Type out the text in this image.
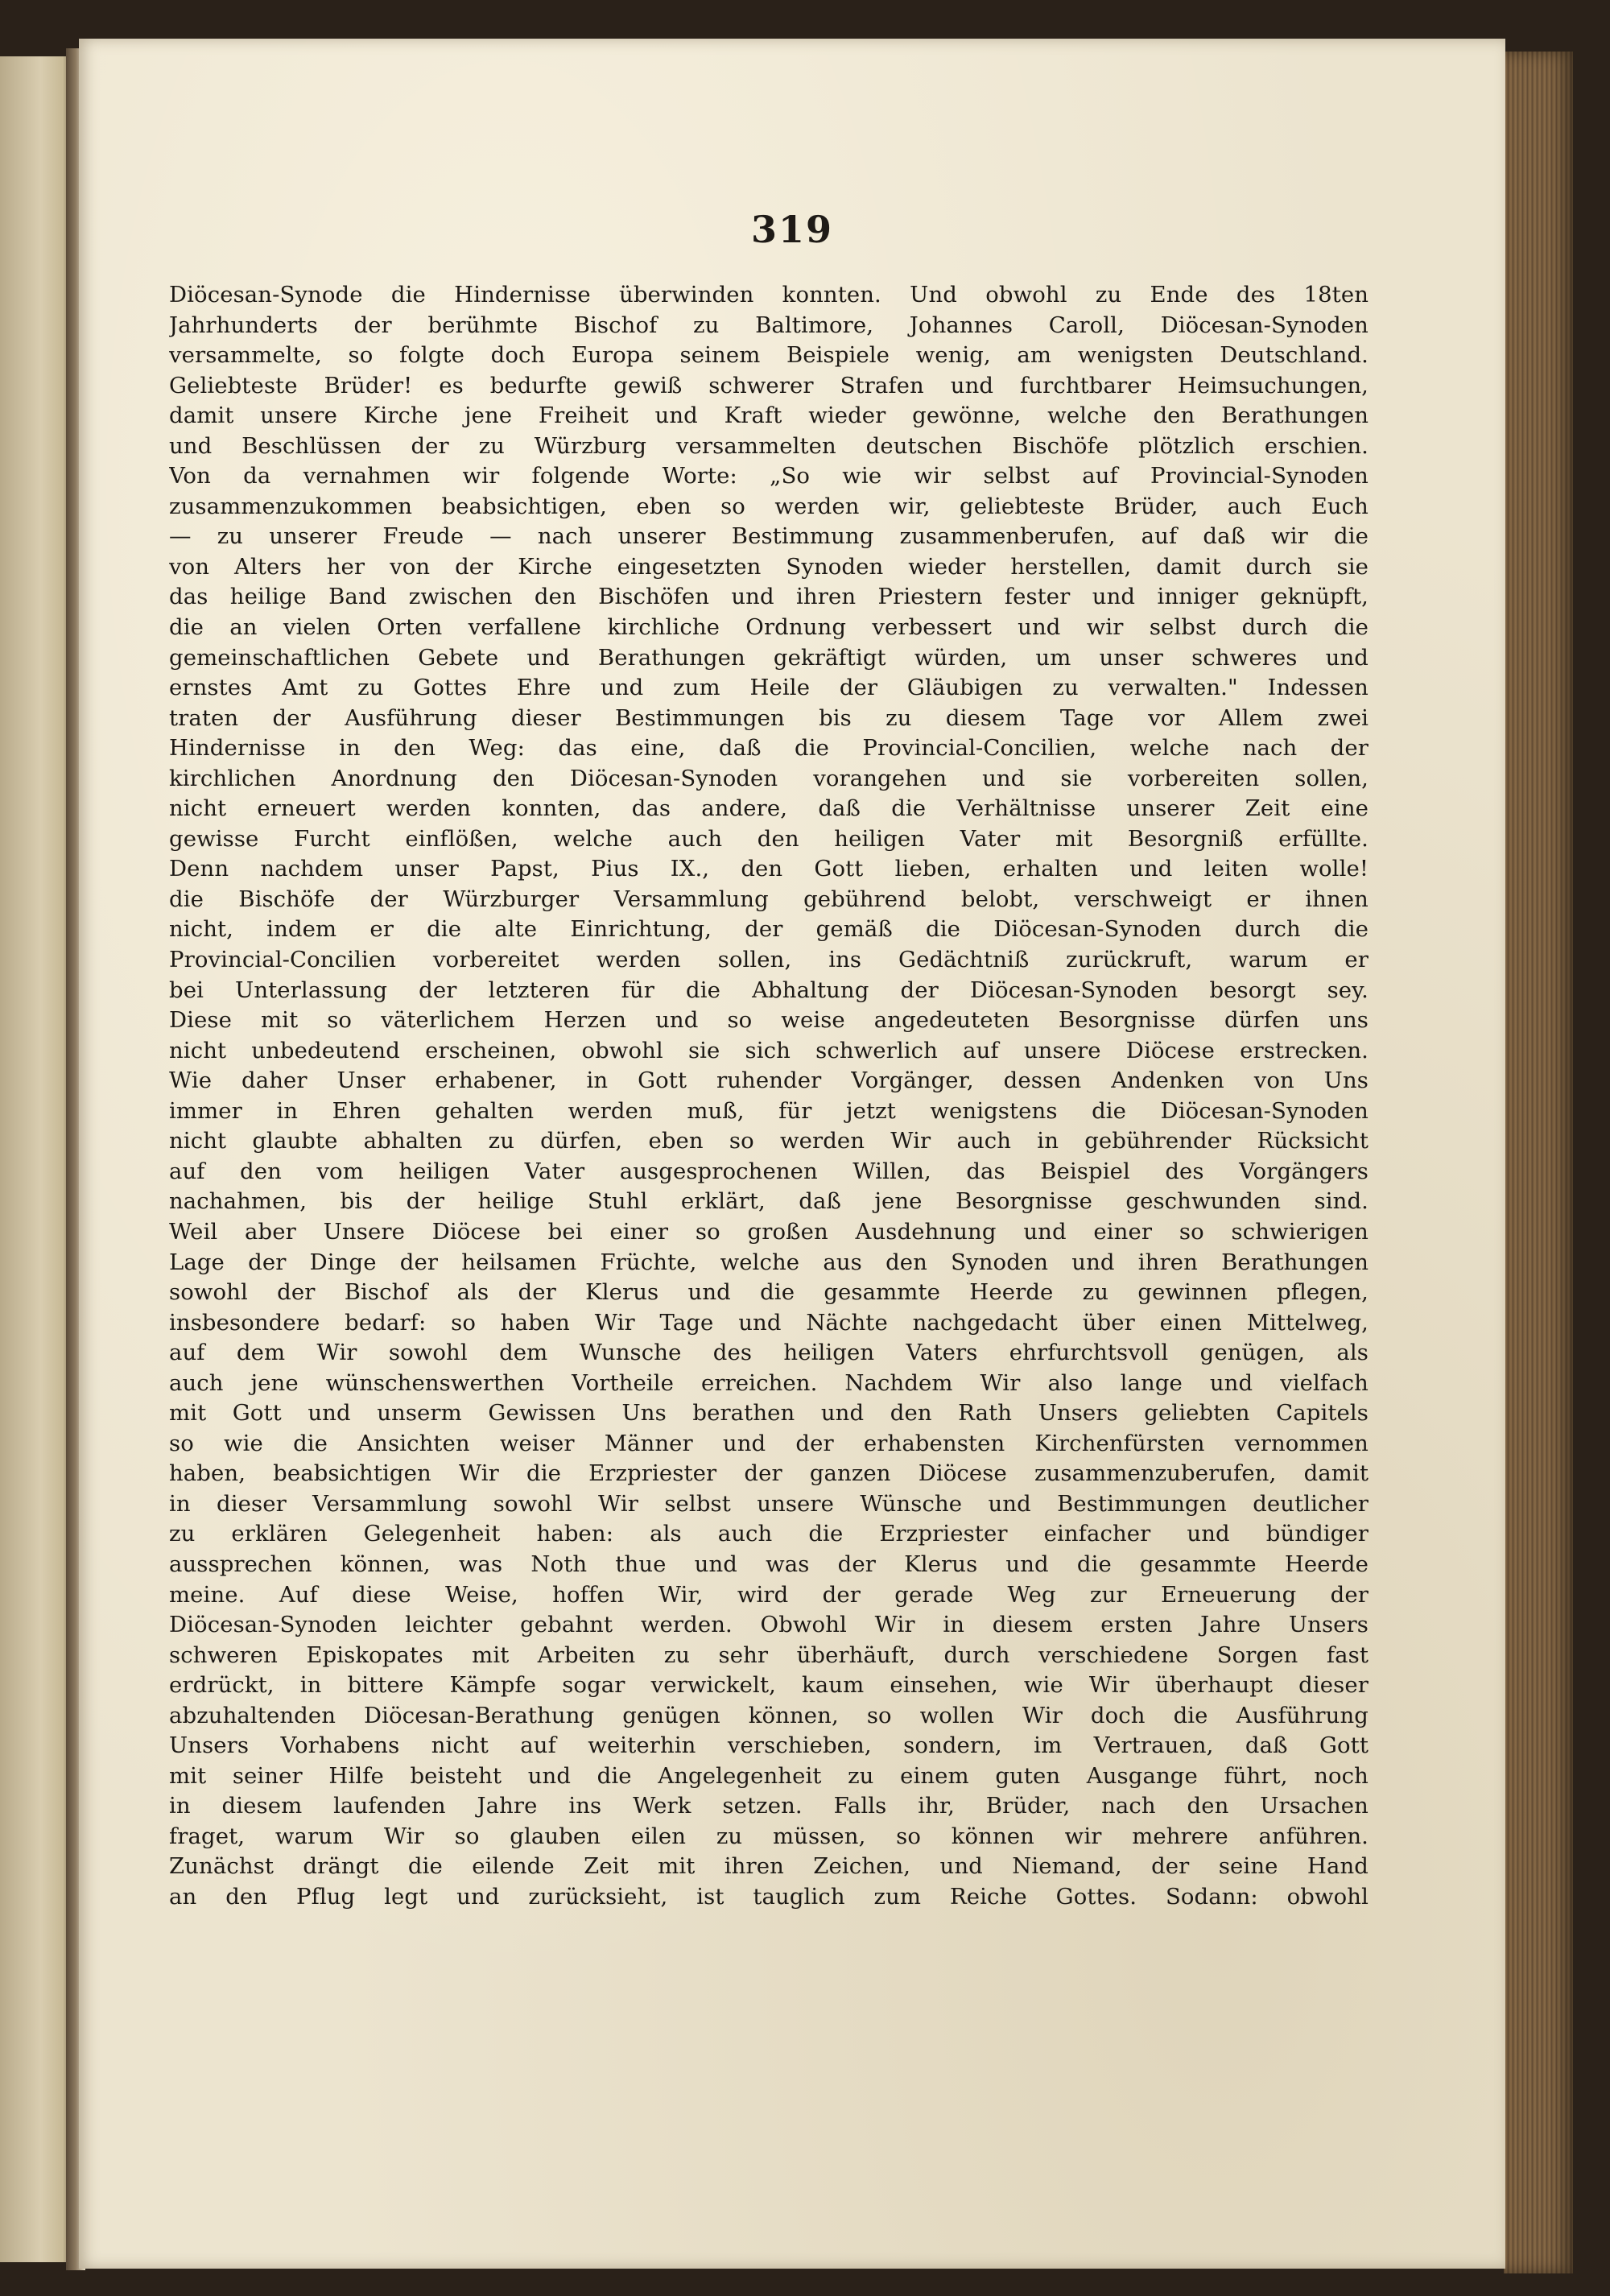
319
Diöcesan-Synode die Hindernisse überwinden konnten. Und obwohl zu Ende des 18ten
Jahrhunderts der berühmte Bischof zu Baltimore, Johannes Caroll, Diöcesan-Synoden
versammelte, so folgte doch Europa seinem Beispiele wenig, am wenigsten Deutschland.
Geliebteste Brüder! es bedurfte gewiß schwerer Strafen und furchtbarer Heimsuchungen,
damit unsere Kirche jene Freiheit und Kraft wieder gewönne, welche den Berathungen
und Beschlüssen der zu Würzburg versammelten deutschen Bischöfe plötzlich erschien.
Von da vernahmen wir folgende Worte: „So wie wir selbst auf Provincial-Synoden
zusammenzukommen beabsichtigen, eben so werden wir, geliebteste Brüder, auch Euch
— zu unserer Freude — nach unserer Bestimmung zusammenberufen, auf daß wir die
von Alters her von der Kirche eingesetzten Synoden wieder herstellen, damit durch sie
das heilige Band zwischen den Bischöfen und ihren Priestern fester und inniger geknüpft,
die an vielen Orten verfallene kirchliche Ordnung verbessert und wir selbst durch die
gemeinschaftlichen Gebete und Berathungen gekräftigt würden, um unser schweres und
ernstes Amt zu Gottes Ehre und zum Heile der Gläubigen zu verwalten." Indessen
traten der Ausführung dieser Bestimmungen bis zu diesem Tage vor Allem zwei
Hindernisse in den Weg: das eine, daß die Provincial-Concilien, welche nach der
kirchlichen Anordnung den Diöcesan-Synoden vorangehen und sie vorbereiten sollen,
nicht erneuert werden konnten, das andere, daß die Verhältnisse unserer Zeit eine
gewisse Furcht einflößen, welche auch den heiligen Vater mit Besorgniß erfüllte.
Denn nachdem unser Papst, Pius IX., den Gott lieben, erhalten und leiten wolle!
die Bischöfe der Würzburger Versammlung gebührend belobt, verschweigt er ihnen
nicht, indem er die alte Einrichtung, der gemäß die Diöcesan-Synoden durch die
Provincial-Concilien vorbereitet werden sollen, ins Gedächtniß zurückruft, warum er
bei Unterlassung der letzteren für die Abhaltung der Diöcesan-Synoden besorgt sey.
Diese mit so väterlichem Herzen und so weise angedeuteten Besorgnisse dürfen uns
nicht unbedeutend erscheinen, obwohl sie sich schwerlich auf unsere Diöcese erstrecken.
Wie daher Unser erhabener, in Gott ruhender Vorgänger, dessen Andenken von Uns
immer in Ehren gehalten werden muß, für jetzt wenigstens die Diöcesan-Synoden
nicht glaubte abhalten zu dürfen, eben so werden Wir auch in gebührender Rücksicht
auf den vom heiligen Vater ausgesprochenen Willen, das Beispiel des Vorgängers
nachahmen, bis der heilige Stuhl erklärt, daß jene Besorgnisse geschwunden sind.
Weil aber Unsere Diöcese bei einer so großen Ausdehnung und einer so schwierigen
Lage der Dinge der heilsamen Früchte, welche aus den Synoden und ihren Berathungen
sowohl der Bischof als der Klerus und die gesammte Heerde zu gewinnen pflegen,
insbesondere bedarf: so haben Wir Tage und Nächte nachgedacht über einen Mittelweg,
auf dem Wir sowohl dem Wunsche des heiligen Vaters ehrfurchtsvoll genügen, als
auch jene wünschenswerthen Vortheile erreichen. Nachdem Wir also lange und vielfach
mit Gott und unserm Gewissen Uns berathen und den Rath Unsers geliebten Capitels
so wie die Ansichten weiser Männer und der erhabensten Kirchenfürsten vernommen
haben, beabsichtigen Wir die Erzpriester der ganzen Diöcese zusammenzuberufen, damit
in dieser Versammlung sowohl Wir selbst unsere Wünsche und Bestimmungen deutlicher
zu erklären Gelegenheit haben: als auch die Erzpriester einfacher und bündiger
aussprechen können, was Noth thue und was der Klerus und die gesammte Heerde
meine. Auf diese Weise, hoffen Wir, wird der gerade Weg zur Erneuerung der
Diöcesan-Synoden leichter gebahnt werden. Obwohl Wir in diesem ersten Jahre Unsers
schweren Episkopates mit Arbeiten zu sehr überhäuft, durch verschiedene Sorgen fast
erdrückt, in bittere Kämpfe sogar verwickelt, kaum einsehen, wie Wir überhaupt dieser
abzuhaltenden Diöcesan-Berathung genügen können, so wollen Wir doch die Ausführung
Unsers Vorhabens nicht auf weiterhin verschieben, sondern, im Vertrauen, daß Gott
mit seiner Hilfe beisteht und die Angelegenheit zu einem guten Ausgange führt, noch
in diesem laufenden Jahre ins Werk setzen. Falls ihr, Brüder, nach den Ursachen
fraget, warum Wir so glauben eilen zu müssen, so können wir mehrere anführen.
Zunächst drängt die eilende Zeit mit ihren Zeichen, und Niemand, der seine Hand
an den Pflug legt und zurücksieht, ist tauglich zum Reiche Gottes. Sodann: obwohl
